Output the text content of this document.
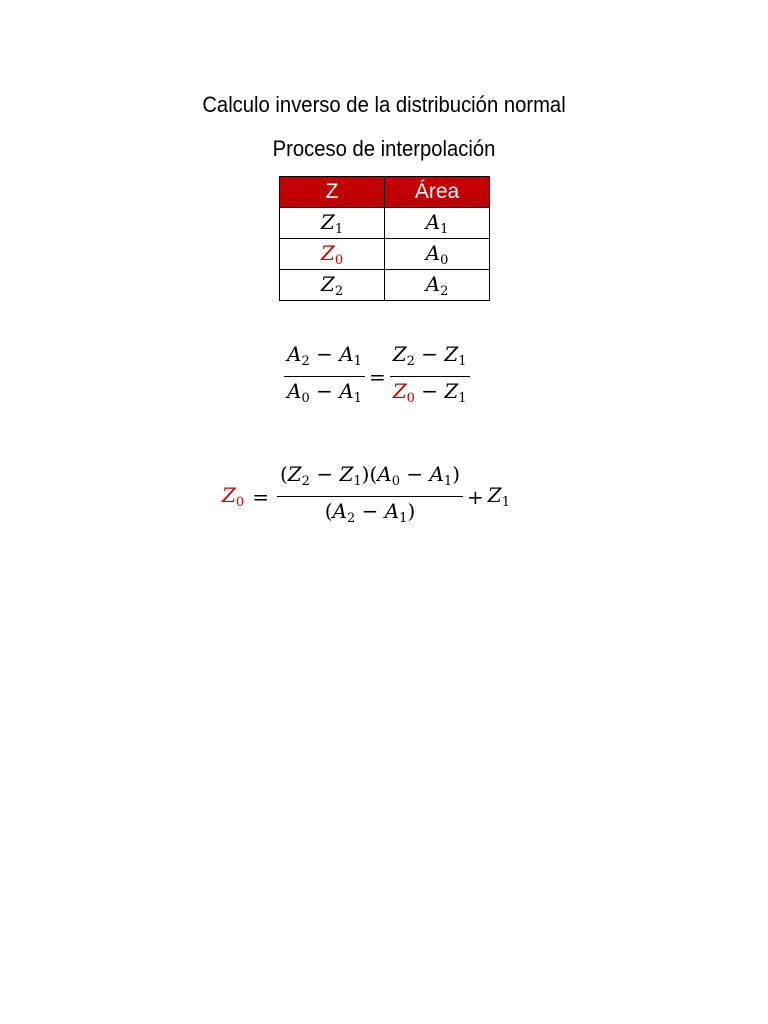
Calculo inverso de la distribución normal
Proceso de interpolación
Z	Área
$Z_1$	$A_1$
$Z_0$	$A_0$
$Z_2$	$A_2$
$\frac{A_2 - A_1}{A_0 - A_1} = \frac{Z_2 - Z_1}{Z_0 - Z_1}$
$Z_0 = \frac{(Z_2 - Z_1)(A_0 - A_1)}{(A_2 - A_1)} + Z_1$
